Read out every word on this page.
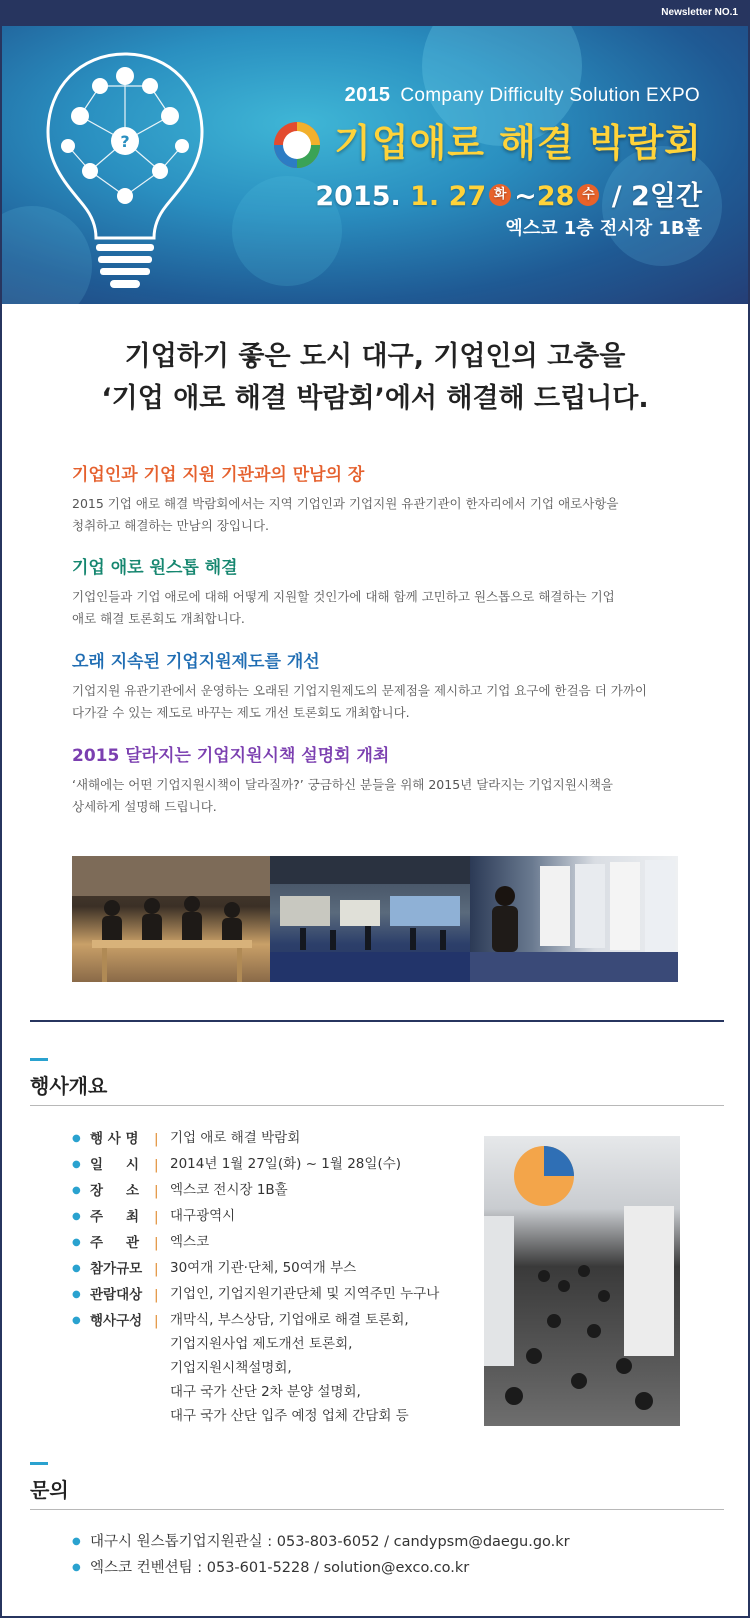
Newsletter NO.1
?
2015 Company Difficulty Solution EXPO
기업애로 해결 박람회
2015. 1. 27 화 ~28 수 / 2일간
엑스코 1층 전시장 1B홀
기업하기 좋은 도시 대구, 기업인의 고충을
‘기업 애로 해결 박람회’에서 해결해 드립니다.
기업인과 기업 지원 기관과의 만남의 장

2015 기업 애로 해결 박람회에서는 지역 기업인과 기업지원 유관기관이 한자리에서 기업 애로사항을

청취하고 해결하는 만남의 장입니다.

기업 애로 원스톱 해결

기업인들과 기업 애로에 대해 어떻게 지원할 것인가에 대해 함께 고민하고 원스톱으로 해결하는 기업

애로 해결 토론회도 개최합니다.

오래 지속된 기업지원제도를 개선

기업지원 유관기관에서 운영하는 오래된 기업지원제도의 문제점을 제시하고 기업 요구에 한걸음 더 가까이

다가갈 수 있는 제도로 바꾸는 제도 개선 토론회도 개최합니다.

2015 달라지는 기업지원시책 설명회 개최

‘새해에는 어떤 기업지원시책이 달라질까?’ 궁금하신 분들을 위해 2015년 달라지는 기업지원시책을

상세하게 설명해 드립니다.

행사개요
● 행 사 명	| 기업 애로 해결 박람회
● 일 　 시	| 2014년 1월 27일(화) ~ 1월 28일(수)
● 장 　 소	| 엑스코 전시장 1B홀
● 주 　 최	| 대구광역시
● 주 　 관	| 엑스코
● 참가규모 | 30여개 기관·단체, 50여개 부스
● 관람대상 | 기업인, 기업지원기관단체 및 지역주민 누구나
● 행사구성 | 개막식, 부스상담, 기업애로 해결 토론회,
기업지원사업 제도개선 토론회,
기업지원시책설명회,
대구 국가 산단 2차 분양 설명회,
대구 국가 산단 입주 예정 업체 간담회 등
문의
● 대구시 원스톱기업지원관실 : 053-803-6052 / candypsm@daegu.go.kr
● 엑스코 컨벤션팀 : 053-601-5228 / solution@exco.co.kr
